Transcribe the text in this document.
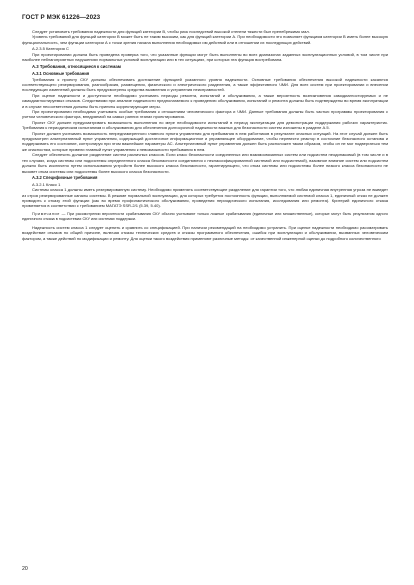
ГОСТ Р МЭК 61226—2023

Следует установить требования надежности для функций категории В, чтобы риск последствий высокой степени тяжести был пренебрежимо мал.

Уровень требований для функций категории В может быть не таким высоким, как для функций категории А. При необходимости это позволяет функциям категории В иметь более высокую функциональность, чем функции категории А с точки зрения начала выполнения необходимых им действий или в отношении их последующих действий.

А.2.3.5 Категория С

При проектировании должна быть проведена проверка того, что указанные функции могут быть выполнены во всех диапазонах заданных эксплуатационных условий, в том числе при наиболее неблагоприятных нарушениях нормальных условий эксплуатации или в тех ситуациях, при которых эта функция востребована.

А.3 Требования, относящиеся к системам
А.3.1 Основные требования

Требования к проекту СКУ должны обеспечивать достижение функцией указанного уровня надежности. Основные требования обеспечения высокой надежности касаются соответствующего резервирования, разнообразия, размещения, физического и электрического разделения, а также эффективного ЧМИ. Для всех систем при проектировании и внесении последующих изменений должны быть предусмотрены средства выявления и устранения неисправностей.

При оценке надежности и доступности необходимо учитывать периоды ремонта, испытаний и обслуживания, а также вероятность возникновения самодиагностируемых и не самодиагностируемых отказов. Следствиями при анализе надежности предполагаемого к проведению обслуживания, испытаний и ремонта должны быть подтверждены во время эксплуатации и в случае несоответствия должны быть приняты корректирующие меры.

При проектировании необходимо учитывать особые требования к отношениям человеческого фактора и ЧМИ. Данные требования должны быть частью программы проектирования с учетом человеческого фактора, внедряемой на самых ранних этапах проектирования.

Проект СКУ должен предусматривать возможность выполнения по мере необходимости испытаний в период эксплуатации для демонстрации поддержания рабочих характеристик. Требования к периодическим испытаниям и обслуживанию для обеспечения долгосрочной надежности важных для безопасности систем изложены в разделе А.5.

Проект должен учитывать возможность непреднамеренного главного пункта управления для пребывания в нем работников в результате опасных ситуаций. На этот случай должен быть предусмотрен альтернативный пункт управления, содержащий достаточное информационное и управляющее оборудование, чтобы перевести реактор в состояние безопасного останова и поддерживать его состояние, контролируя при этом важнейшие параметры АС. Альтернативный пункт управления должен быть расположен таким образом, чтобы он не мог подвергаться тем же опасностям, которые привели главный пункт управления к невозможности пребывания в нем.

Следует обеспечить должное разделение систем различных классов. Если класс безопасности соединенных или взаимосвязанных систем или подсистем неодинаковый (в том числе и в тех случаях, когда системы или подсистемы определенного класса безопасности соединяются с неклассифицированной системой или подсистемой), взаимное влияние систем или подсистем должно быть исключено путем использования устройств более высокого класса безопасности, гарантирующего, что отказ системы или подсистемы более низкого класса безопасности не вызовет отказ системы или подсистемы более высокого класса безопасности.

А.3.2 Специфичные требования
А.3.2.1 Класс 1

Системы класса 1 должны иметь резервированную систему. Необходимо применять соответствующее разделение для гарантии того, что любая единичная внутренняя угроза не выведет из строя резервированные каналы системы. В режиме нормальной эксплуатации, для которых требуется постоянность функции, выполняемой системой класса 1, единичный отказ не должен приводить к отказу этой функции (как во время профилактического обслуживания, проведения периодического испытания, исследования или ремонта). Критерий единичного отказа применяется в соответствии с требованием МАГАТЭ SSR-2/1 (5.39, 5.40).

Примечание — При рассмотрении вероятности срабатывания СКУ обычно учитывают только ложные срабатывания (единичные или множественные), которые могут быть результатом одного единичного отказа в подсистемах СКУ или системах поддержки.

Надежность систем класса 1 следует оценить и сравнить со спецификацией. При наличии рекомендаций на необходимо устранить. При оценке надежности необходимо рассматривать воздействие отказов по общей причине, включая отказы технических средств и отказы программного обеспечения, ошибок при эксплуатации и обслуживании, вызванных человеческим фактором, а также действий по модификации и ремонту. Для оценки такого воздействия применяют различные методы: от качественной инженерной оценки до подробного количественного

20
